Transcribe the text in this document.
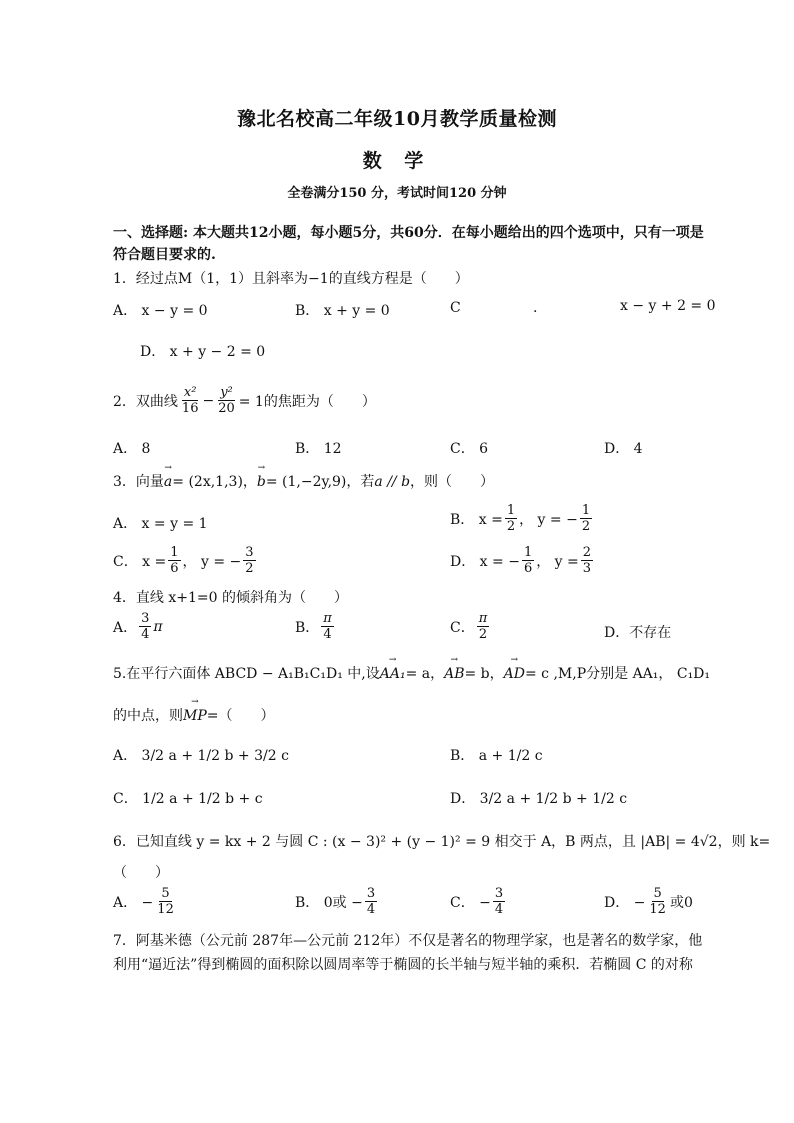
豫北名校高二年级10月教学质量检测
数 学
全卷满分150 分，考试时间120 分钟
一、选择题: 本大题共12小题，每小题5分，共60分．在每小题给出的四个选项中，只有一项是符合题目要求的.
1．经过点M（1，1）且斜率为−1的直线方程是（　　）
A． x − y = 0	B． x + y = 0	C	.	x − y + 2 = 0
D． x + y − 2 = 0
2．双曲线 $\frac{\text{x²}}{16} - \frac{\text{y²}}{20} = 1$的焦距为（　　）
A． 8	B． 12	C． 6	D． 4
3．向量→ a= (2x,1,3)，→ b= (1,−2y,9)，若a // b，则（　　）
A． x = y = 1	B． $x = \frac{1}{2}$ ， y = − $\frac{1}{2}$
C． $x = \frac{1}{6}$ ， y = − $\frac{3}{2}$	D． x = − $\frac{1}{6}$ ， $y = \frac{2}{3}$
4．直线 x+1=0 的倾斜角为（　　）
A． $\frac{3}{4}$ π	B． $\frac{\pi}{4}$	C． $\frac{\pi}{2}$	D．不存在
5.在平行六面体 ABCD − A₁B₁C₁D₁ 中,设→ AA₁= a，→ AB= b，→ AD= c ,M,P分别是 AA₁， C₁D₁
的中点，则→ MP=（　　）
A． 3/2 a + 1/2 b + 3/2 c	B． a + 1/2 c
C． 1/2 a + 1/2 b + c	D． 3/2 a + 1/2 b + 1/2 c
6．已知直线 y = kx + 2 与圆 C : (x − 3)² + (y − 1)² = 9 相交于 A，B 两点，且 |AB| = 4√2，则 k=
（　　）
A． − $\frac{5}{12}$	B． 0或 − $\frac{3}{4}$	C． − $\frac{3}{4}$	D． − $\frac{5}{12}$ 或0
7．阿基米德（公元前 287年—公元前 212年）不仅是著名的物理学家，也是著名的数学家，他
利用“逼近法”得到椭圆的面积除以圆周率等于椭圆的长半轴与短半轴的乘积．若椭圆 C 的对称
